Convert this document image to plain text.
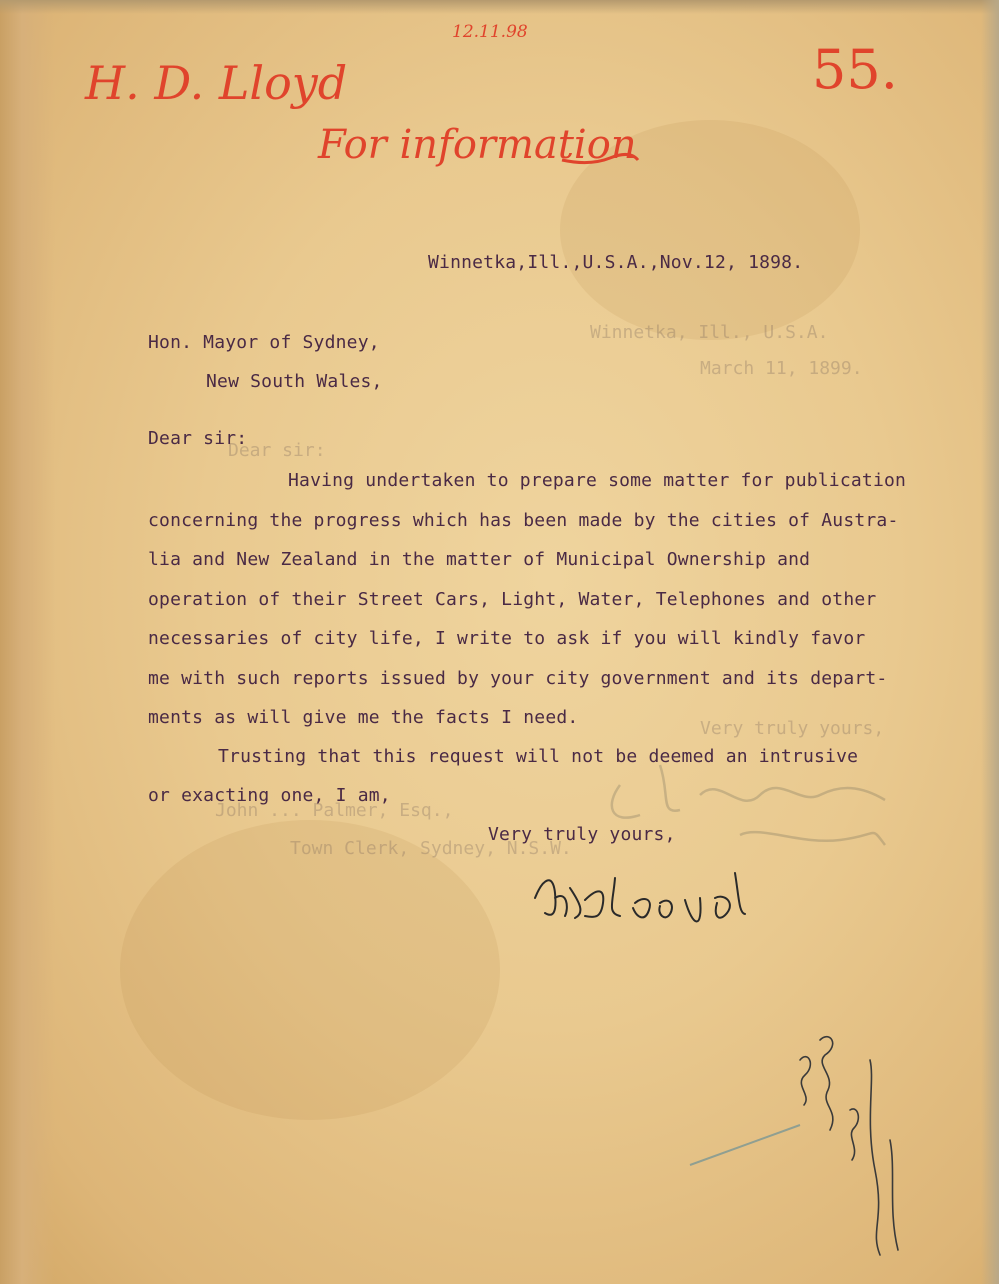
Winnetka, Ill., U.S.A.
March 11, 1899.
Dear sir:
Very truly yours,
John ... Palmer, Esq.,
Town Clerk, Sydney, N.S.W.
12.11.98
H. D. Lloyd	55.
For information
Winnetka,Ill.,U.S.A.,Nov.12, 1898.
Hon. Mayor of Sydney,
New South Wales,
Dear sir:
Having undertaken to prepare some matter for publication
concerning the progress which has been made by the cities of Austra-
lia and New Zealand in the matter of Municipal Ownership and
operation of their Street Cars, Light, Water, Telephones and other
necessaries of city life, I write to ask if you will kindly favor
me with such reports issued by your city government and its depart-
ments as will give me the facts I need.
Trusting that this request will not be deemed an intrusive
or exacting one, I am,
Very truly yours,
